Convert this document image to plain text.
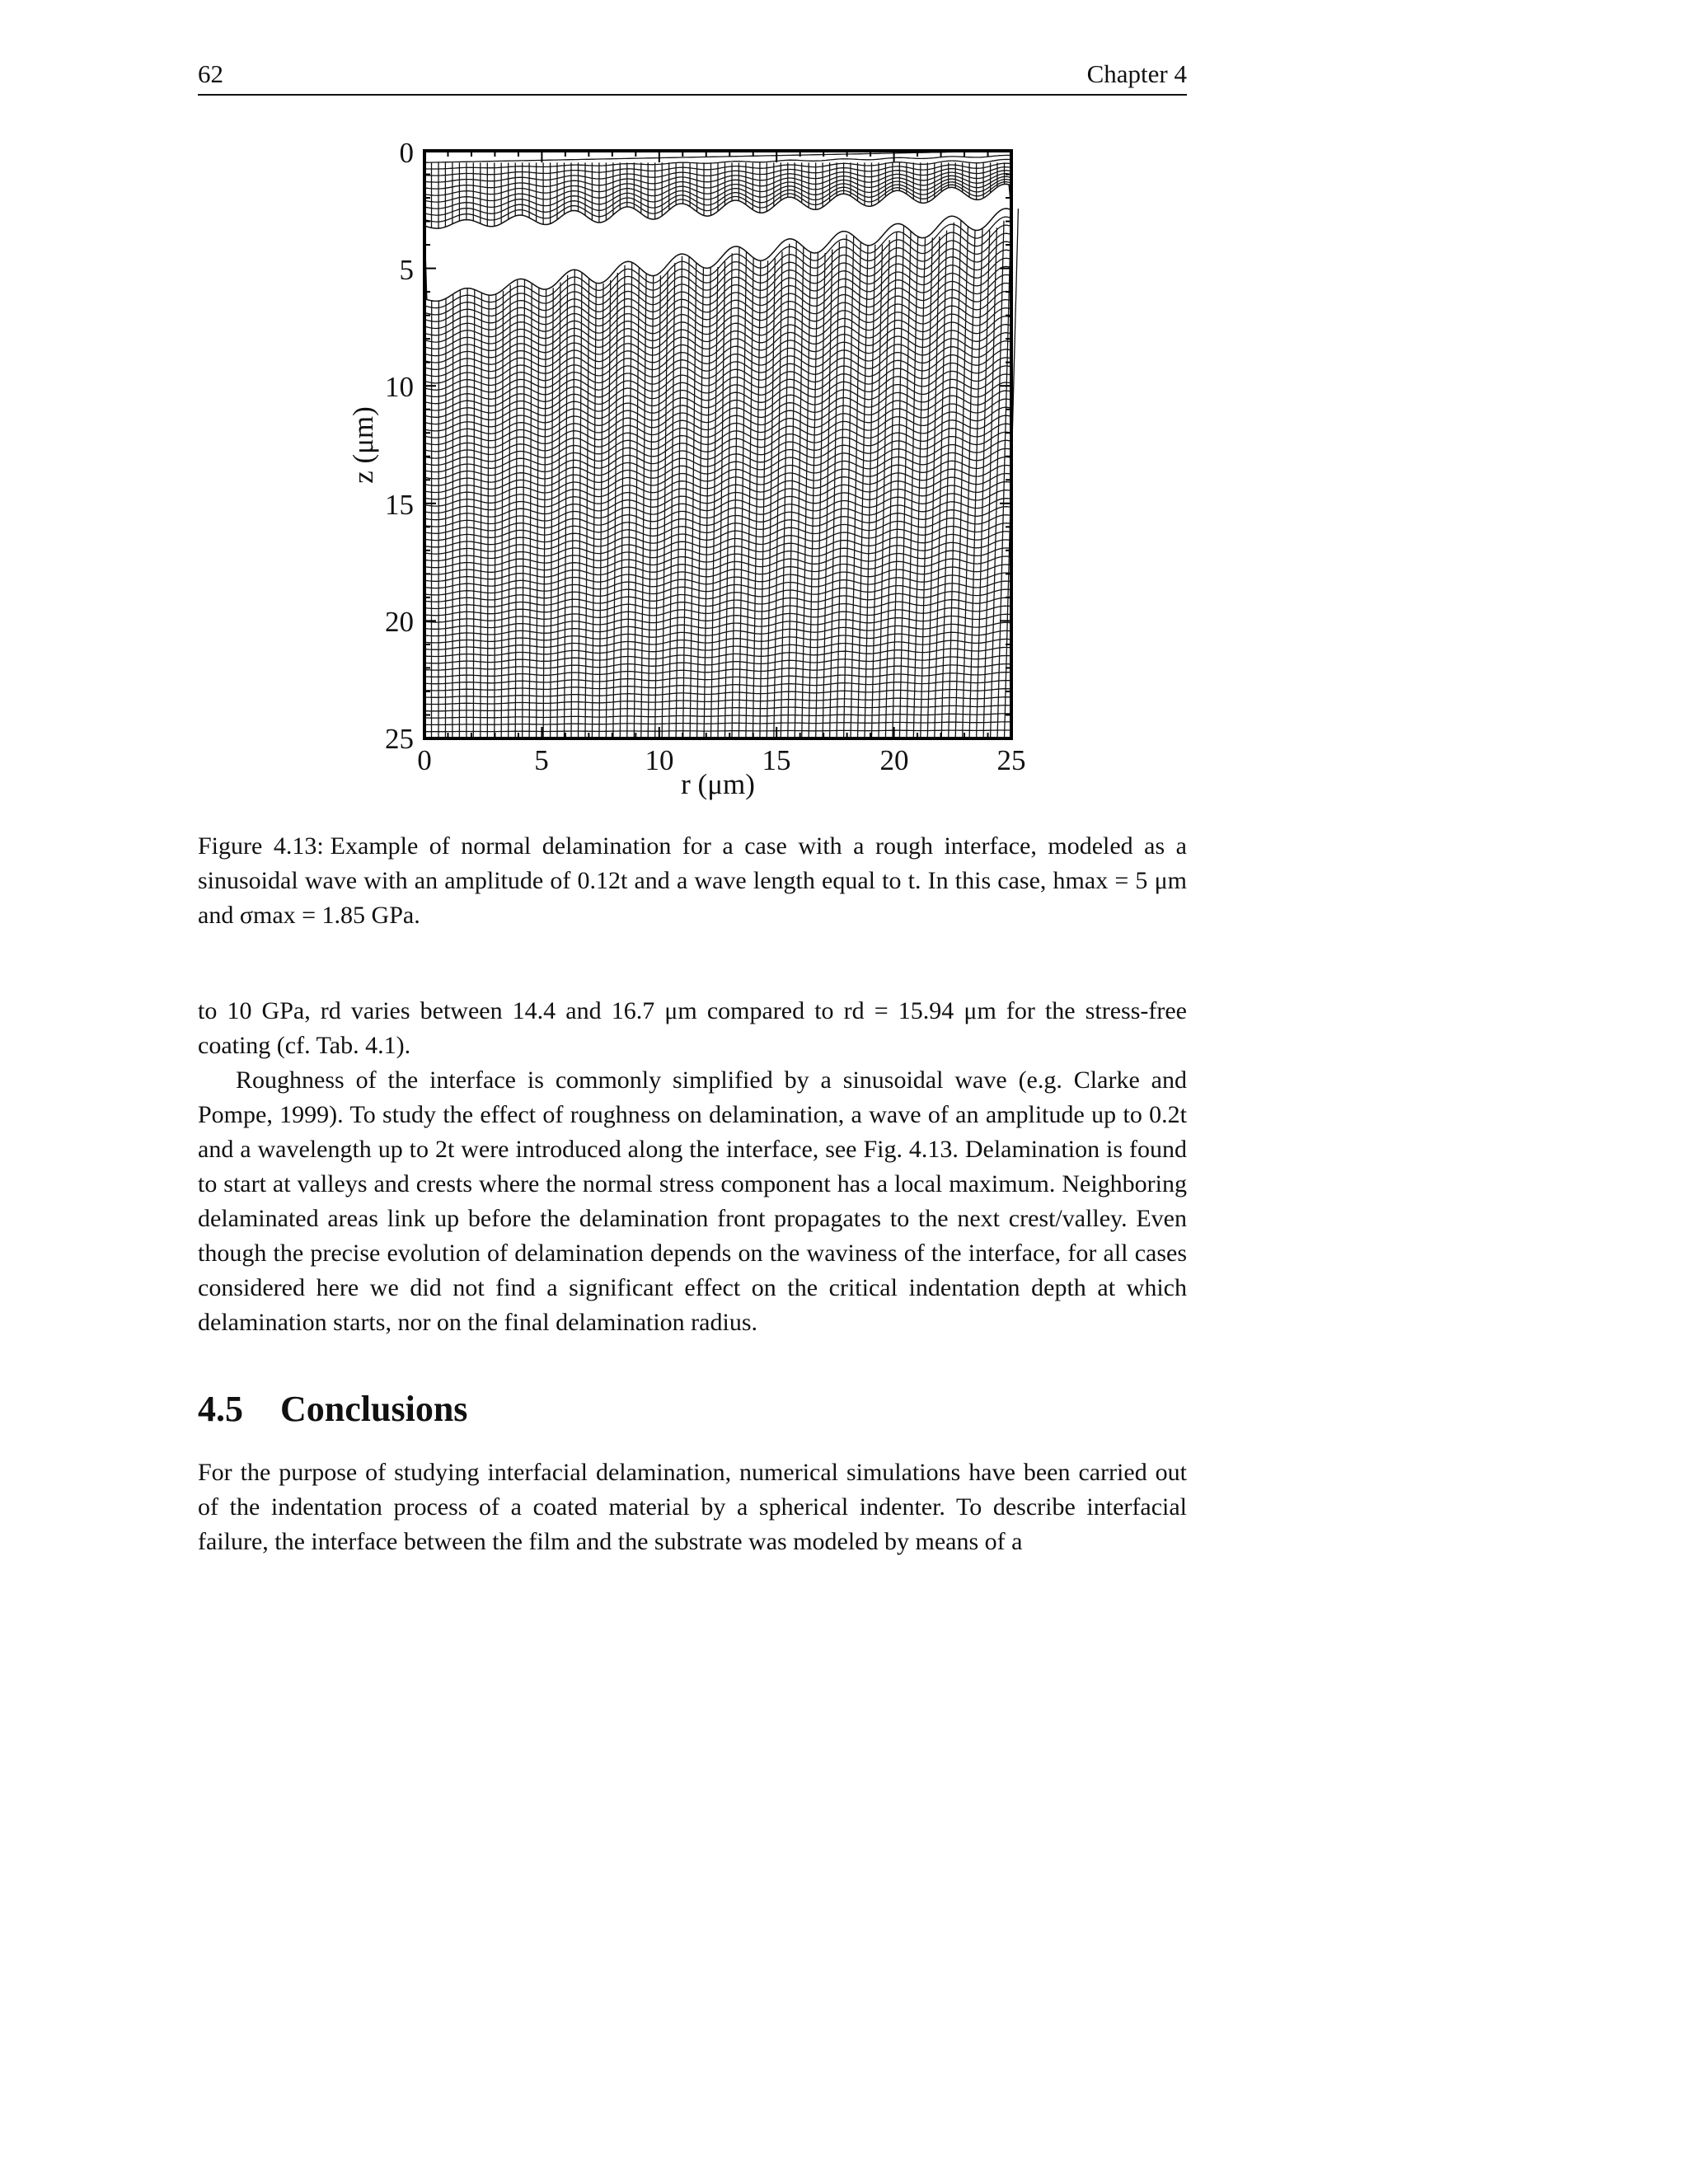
62	Chapter 4
0
5
10
15
20
25
0	5	10	15	20	25
r (μm)
z (μm)
Figure 4.13: Example of normal delamination for a case with a rough interface, modeled as a sinusoidal wave with an amplitude of 0.12t and a wave length equal to t. In this case, hmax = 5 μm and σmax = 1.85 GPa.

to 10 GPa, rd varies between 14.4 and 16.7 μm compared to rd = 15.94 μm for the stress-free coating (cf. Tab. 4.1).

Roughness of the interface is commonly simplified by a sinusoidal wave (e.g. Clarke and Pompe, 1999). To study the effect of roughness on delamination, a wave of an amplitude up to 0.2t and a wavelength up to 2t were introduced along the interface, see Fig. 4.13. Delamination is found to start at valleys and crests where the normal stress component has a local maximum. Neighboring delaminated areas link up before the delamination front propagates to the next crest/valley. Even though the precise evolution of delamination depends on the waviness of the interface, for all cases considered here we did not find a significant effect on the critical indentation depth at which delamination starts, nor on the final delamination radius.

4.5 Conclusions

For the purpose of studying interfacial delamination, numerical simulations have been carried out of the indentation process of a coated material by a spherical indenter. To describe interfacial failure, the interface between the film and the substrate was modeled by means of a
